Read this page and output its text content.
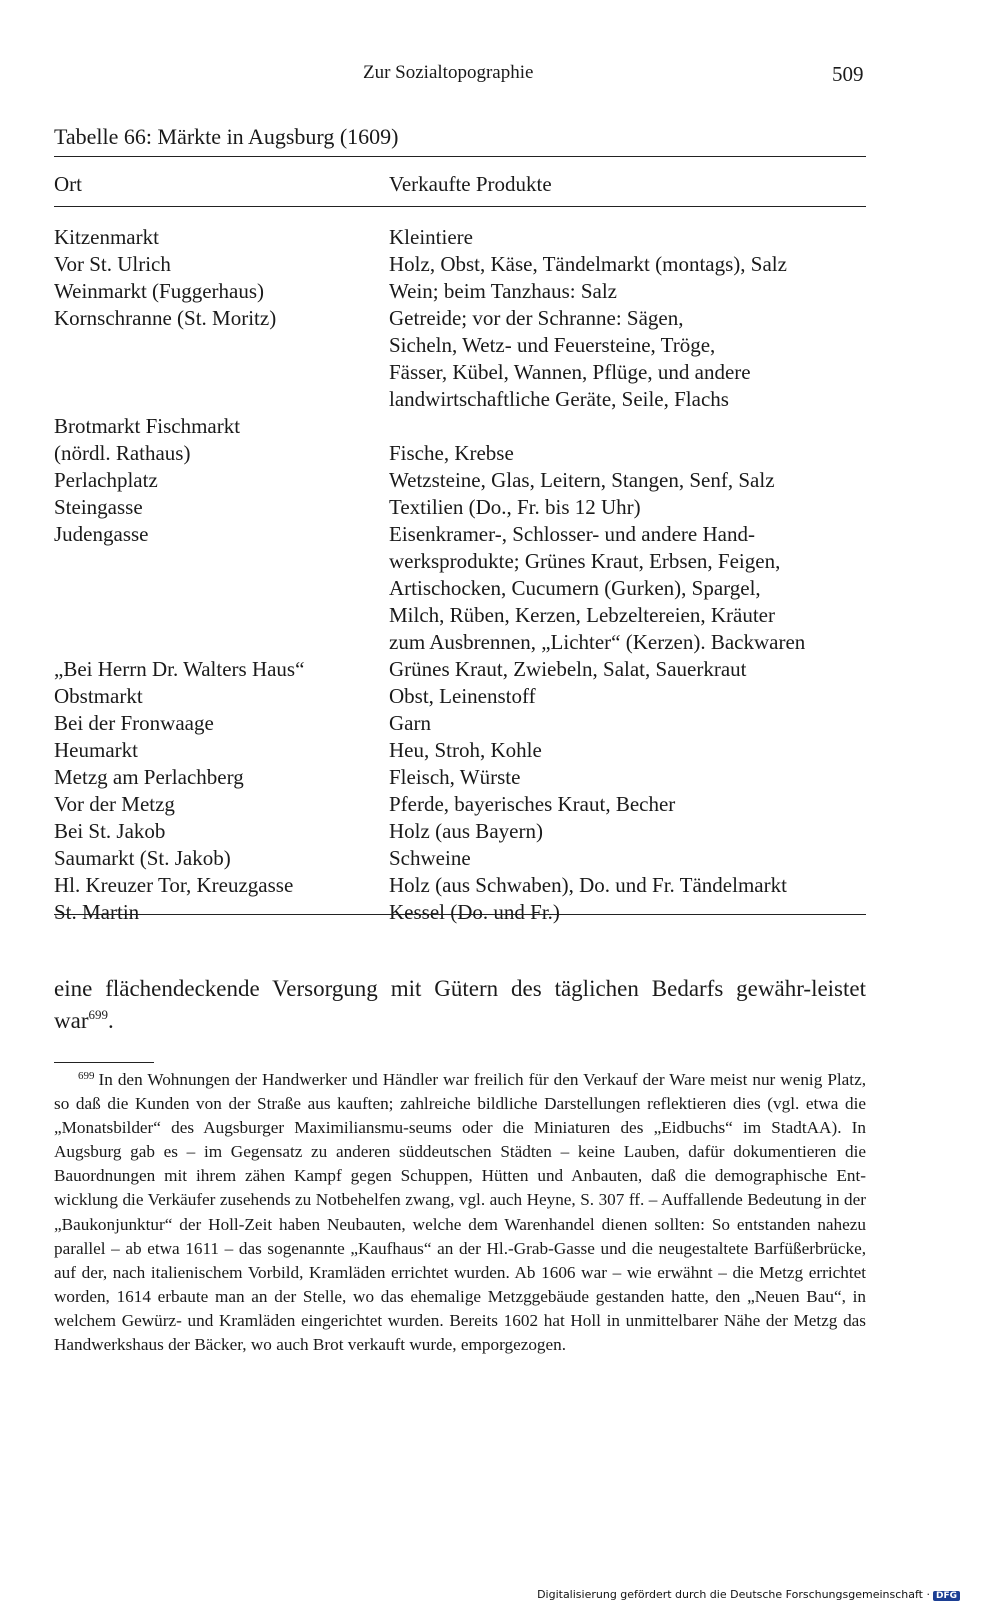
Zur Sozialtopographie	509
Tabelle 66: Märkte in Augsburg (1609)
Ort	Verkaufte Produkte
Kitzenmarkt	Kleintiere
Vor St. Ulrich	Holz, Obst, Käse, Tändelmarkt (montags), Salz
Weinmarkt (Fuggerhaus)	Wein; beim Tanzhaus: Salz
Kornschranne (St. Moritz)	Getreide; vor der Schranne: Sägen,
Sicheln, Wetz- und Feuersteine, Tröge,
Fässer, Kübel, Wannen, Pflüge, und andere
landwirtschaftliche Geräte, Seile, Flachs
Brotmarkt Fischmarkt
(nördl. Rathaus)	Fische, Krebse
Perlachplatz	Wetzsteine, Glas, Leitern, Stangen, Senf, Salz
Steingasse	Textilien (Do., Fr. bis 12 Uhr)
Judengasse	Eisenkramer-, Schlosser- und andere Hand-
werksprodukte; Grünes Kraut, Erbsen, Feigen,
Artischocken, Cucumern (Gurken), Spargel,
Milch, Rüben, Kerzen, Lebzeltereien, Kräuter
zum Ausbrennen, „Lichter“ (Kerzen). Backwaren
„Bei Herrn Dr. Walters Haus“	Grünes Kraut, Zwiebeln, Salat, Sauerkraut
Obstmarkt	Obst, Leinenstoff
Bei der Fronwaage	Garn
Heumarkt	Heu, Stroh, Kohle
Metzg am Perlachberg	Fleisch, Würste
Vor der Metzg	Pferde, bayerisches Kraut, Becher
Bei St. Jakob	Holz (aus Bayern)
Saumarkt (St. Jakob)	Schweine
Hl. Kreuzer Tor, Kreuzgasse	Holz (aus Schwaben), Do. und Fr. Tändelmarkt
St. Martin	Kessel (Do. und Fr.)
eine flächendeckende Versorgung mit Gütern des täglichen Bedarfs gewähr-leistet war$^{699}$.
$^{699}$ In den Wohnungen der Handwerker und Händler war freilich für den Verkauf der Ware meist nur wenig Platz, so daß die Kunden von der Straße aus kauften; zahlreiche bildliche Darstellungen reflektieren dies (vgl. etwa die „Monatsbilder“ des Augsburger Maximiliansmu-seums oder die Miniaturen des „Eidbuchs“ im StadtAA). In Augsburg gab es – im Gegensatz zu anderen süddeutschen Städten – keine Lauben, dafür dokumentieren die Bauordnungen mit ihrem zähen Kampf gegen Schuppen, Hütten und Anbauten, daß die demographische Ent-wicklung die Verkäufer zusehends zu Notbehelfen zwang, vgl. auch Heyne, S. 307 ff. – Auffallende Bedeutung in der „Baukonjunktur“ der Holl-Zeit haben Neubauten, welche dem Warenhandel dienen sollten: So entstanden nahezu parallel – ab etwa 1611 – das sogenannte „Kaufhaus“ an der Hl.-Grab-Gasse und die neugestaltete Barfüßerbrücke, auf der, nach italienischem Vorbild, Kramläden errichtet wurden. Ab 1606 war – wie erwähnt – die Metzg errichtet worden, 1614 erbaute man an der Stelle, wo das ehemalige Metzggebäude gestanden hatte, den „Neuen Bau“, in welchem Gewürz- und Kramläden eingerichtet wurden. Bereits 1602 hat Holl in unmittelbarer Nähe der Metzg das Handwerkshaus der Bäcker, wo auch Brot verkauft wurde, emporgezogen.
Digitalisierung gefördert durch die Deutsche Forschungsgemeinschaft · DFG
